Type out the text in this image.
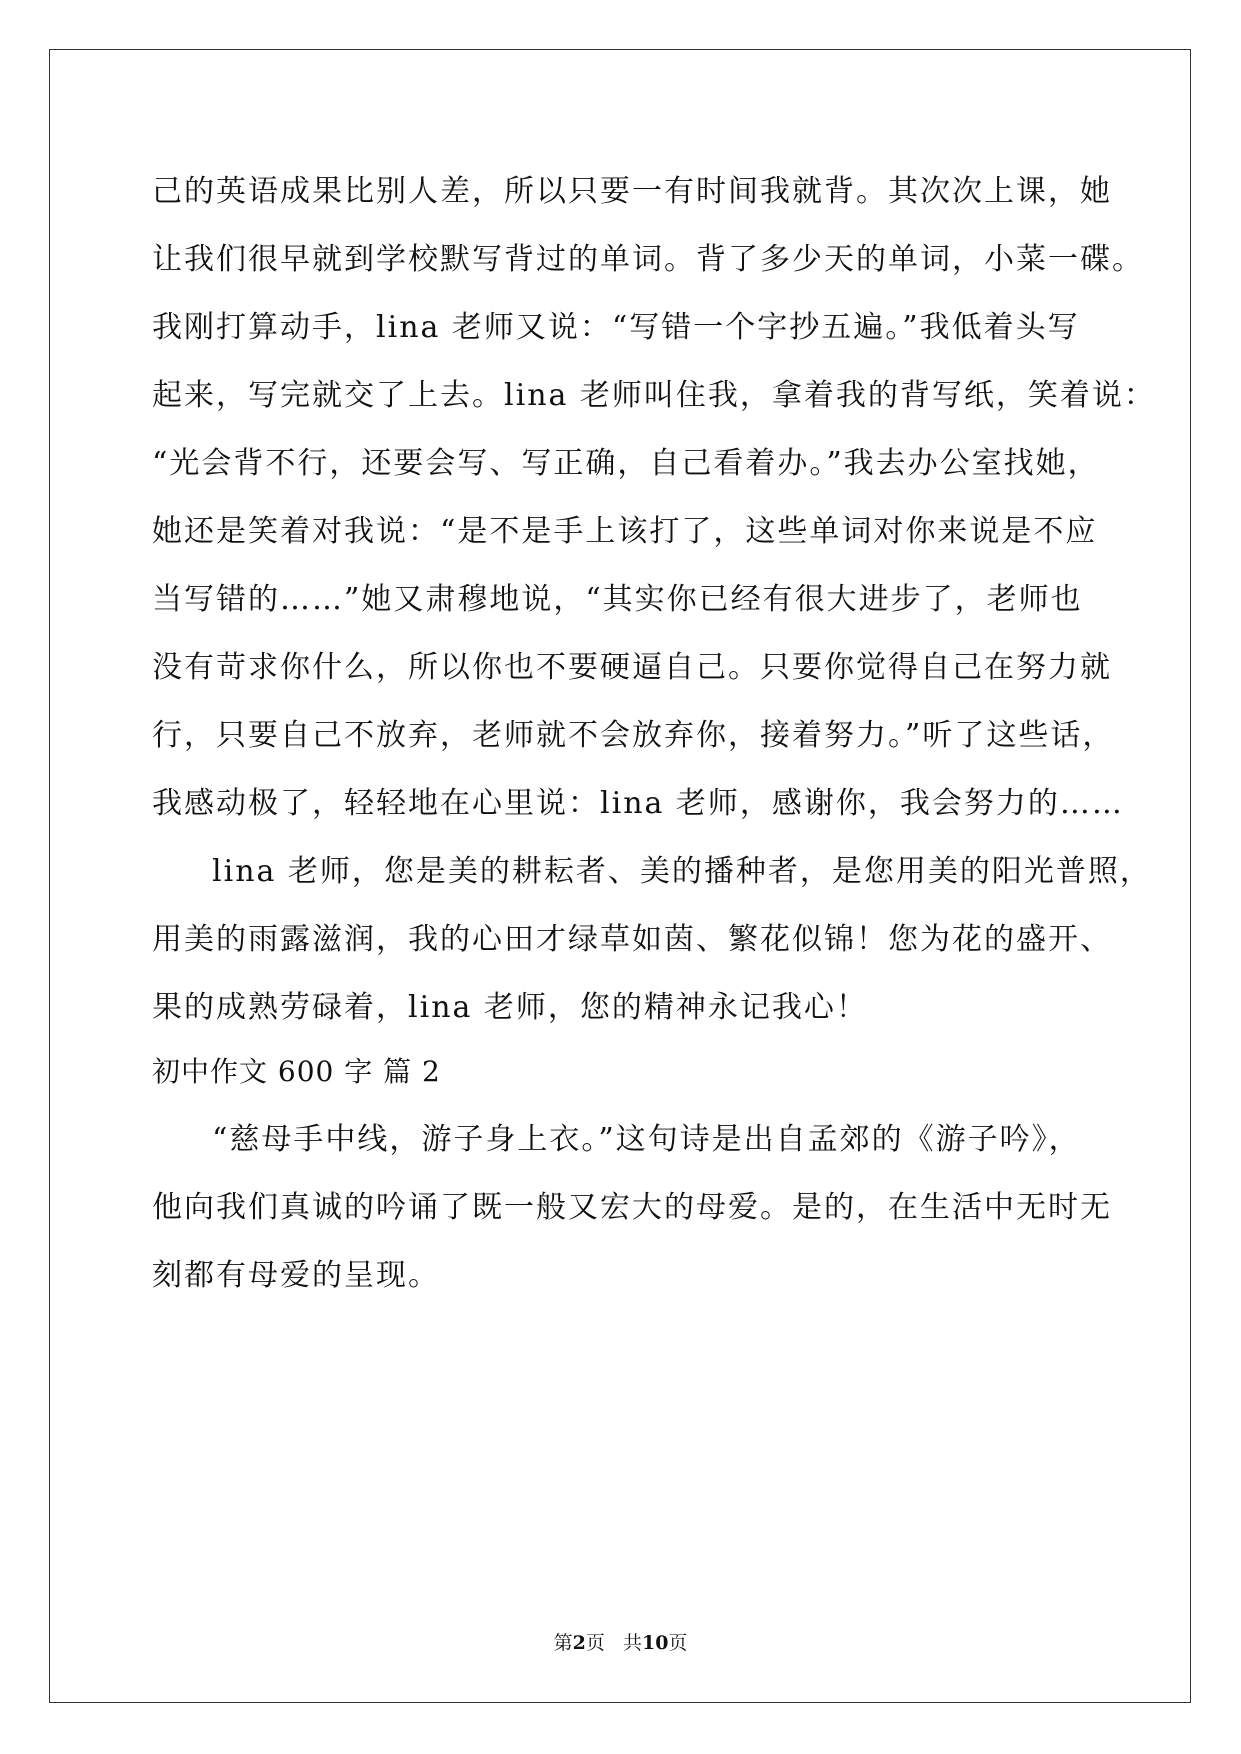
己的英语成果比别人差，所以只要一有时间我就背。其次次上课，她
让我们很早就到学校默写背过的单词。背了多少天的单词，小菜一碟。
我刚打算动手，lina 老师又说：“写错一个字抄五遍。”我低着头写
起来，写完就交了上去。lina 老师叫住我，拿着我的背写纸，笑着说：
“光会背不行，还要会写、写正确，自己看着办。”我去办公室找她，
她还是笑着对我说：“是不是手上该打了，这些单词对你来说是不应
当写错的……”她又肃穆地说，“其实你已经有很大进步了，老师也
没有苛求你什么，所以你也不要硬逼自己。只要你觉得自己在努力就
行，只要自己不放弃，老师就不会放弃你，接着努力。”听了这些话，
我感动极了，轻轻地在心里说：lina 老师，感谢你，我会努力的……
lina 老师，您是美的耕耘者、美的播种者，是您用美的阳光普照，
用美的雨露滋润，我的心田才绿草如茵、繁花似锦！您为花的盛开、
果的成熟劳碌着，lina 老师，您的精神永记我心！
初中作文 600 字 篇 2
“慈母手中线，游子身上衣。”这句诗是出自孟郊的《游子吟》，
他向我们真诚的吟诵了既一般又宏大的母爱。是的，在生活中无时无
刻都有母爱的呈现。
第2页 共10页
